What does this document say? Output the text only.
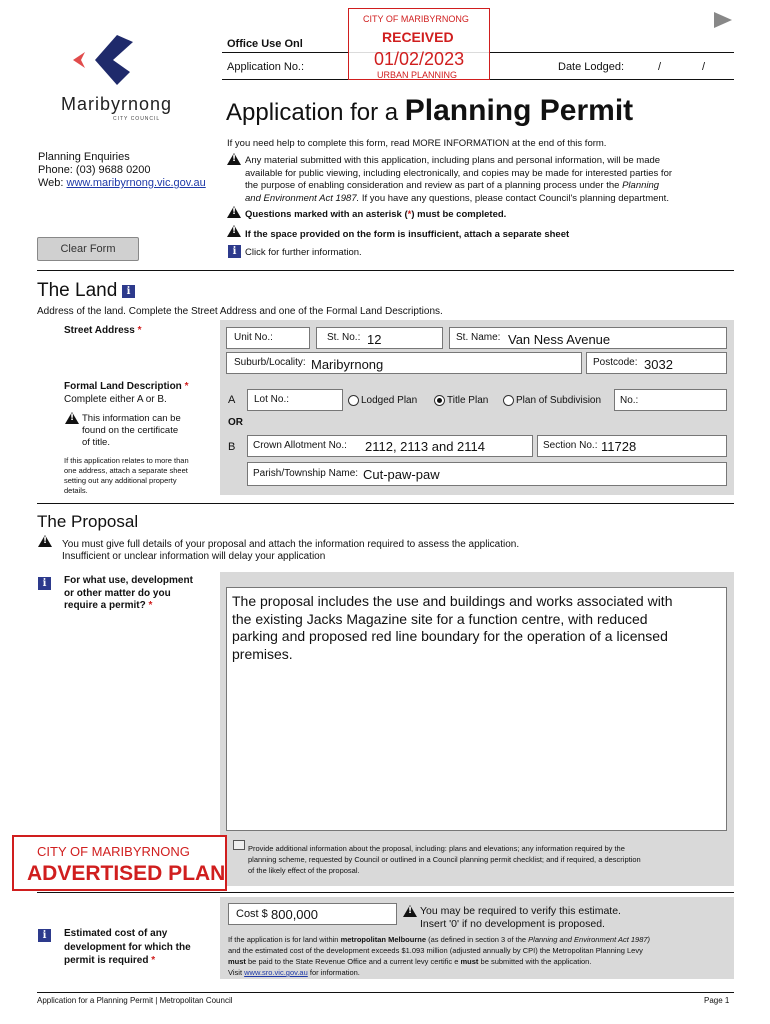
Maribyrnong
CITY COUNCIL
Office Use Onl
Application No.:	Date Lodged:	/	/
CITY OF MARIBYRNONG
RECEIVED
01/02/2023
URBAN PLANNING
Application for a Planning Permit
Planning Enquiries
Phone: (03) 9688 0200
Web: www.maribyrnong.vic.gov.au
If you need help to complete this form, read MORE INFORMATION at the end of this form.
!
Any material submitted with this application, including plans and personal information, will be made
available for public viewing, including electronically, and copies may be made for interested parties for
the purpose of enabling consideration and review as part of a planning process under the Planning
and Environment Act 1987. If you have any questions, please contact Council's planning department.
!
Questions marked with an asterisk (*) must be completed.
!
If the space provided on the form is insufficient, attach a separate sheet
i Click for further information.
Clear Form
The Land i
Address of the land. Complete the Street Address and one of the Formal Land Descriptions.
Street Address *
Unit No.:	St. No.: 12	St. Name: Van Ness Avenue
Suburb/Locality: Maribyrnong	Postcode: 3032
Formal Land Description *
Complete either A or B.
!
This information can be
found on the certificate
of title.
If this application relates to more than
one address, attach a separate sheet
setting out any additional property
details.
A Lot No.:	Lodged Plan	Title Plan	Plan of Subdivision No.:
OR
B Crown Allotment No.: 2112, 2113 and 2114	Section No.: 11728
Parish/Township Name: Cut-paw-paw
The Proposal
!
You must give full details of your proposal and attach the information required to assess the application.
Insufficient or unclear information will delay your application
i	For what use, development
or other matter do you
require a permit? *	The proposal includes the use and buildings and works associated with
the existing Jacks Magazine site for a function centre, with reduced
parking and proposed red line boundary for the operation of a licensed
premises.
Provide additional information about the proposal, including: plans and elevations; any information required by the
planning scheme, requested by Council or outlined in a Council planning permit checklist; and if required, a description
of the likely effect of the proposal.
CITY OF MARIBYRNONG
ADVERTISED PLAN
i	Estimated cost of any
development for which the
permit is required *
Cost $ 800,000
!	You may be required to verify this estimate.
Insert '0' if no development is proposed.
If the application is for land within metropolitan Melbourne (as defined in section 3 of the Planning and Environment Act 1987)
and the estimated cost of the development exceeds $1.093 million (adjusted annually by CPI) the Metropolitan Planning Levy
must be paid to the State Revenue Office and a current levy certific e must be submitted with the application.
Visit www.sro.vic.gov.au for information.
Application for a Planning Permit | Metropolitan Council	Page 1
